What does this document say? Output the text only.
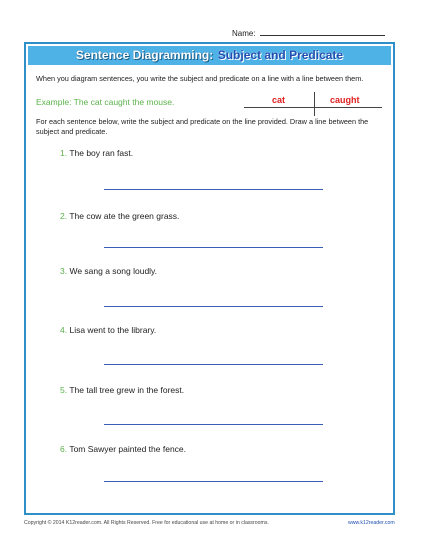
Name:
Sentence Diagramming: Subject and Predicate
When you diagram sentences, you write the subject and predicate on a line with a line between them.
Example: The cat caught the mouse.	cat	caught
For each sentence below, write the subject and predicate on the line provided. Draw a line between the subject and predicate.
1. The boy ran fast.
2. The cow ate the green grass.
3. We sang a song loudly.
4. Lisa went to the library.
5. The tall tree grew in the forest.
6. Tom Sawyer painted the fence.
Copyright © 2014 K12reader.com. All Rights Reserved. Free for educational use at home or in classrooms.	www.k12reader.com
